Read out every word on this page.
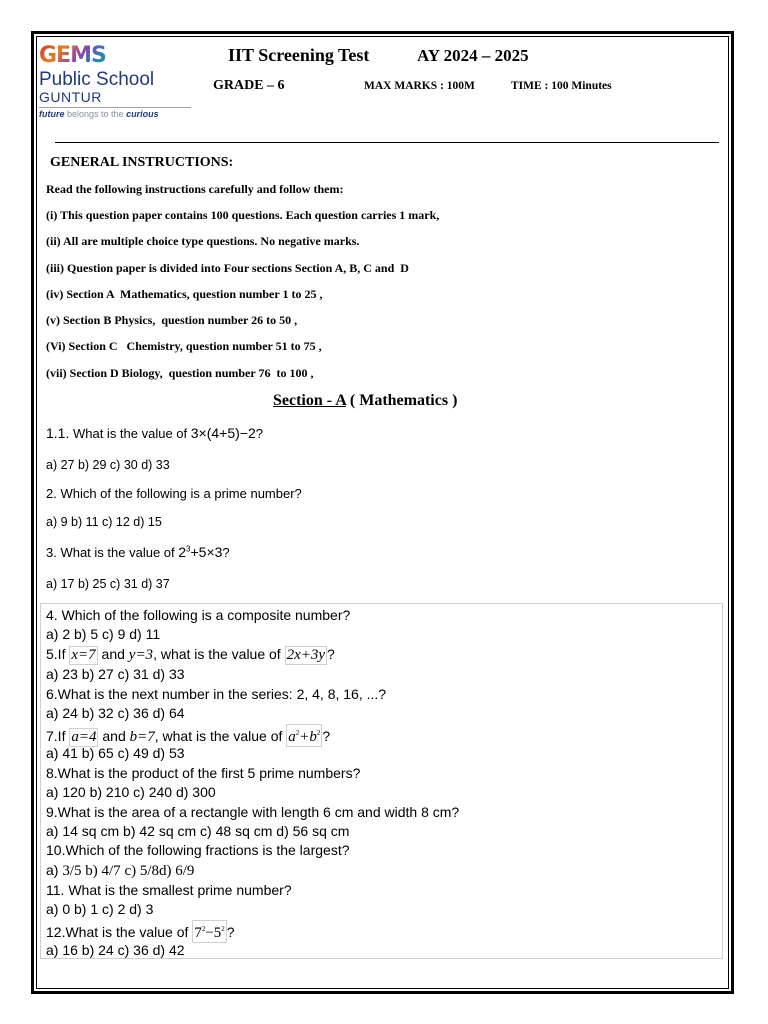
GEMS
Public School
GUNTUR
future belongs to the curious
IIT Screening Test	AY 2024 – 2025
GRADE – 6	MAX MARKS : 100M	TIME : 100 Minutes
GENERAL INSTRUCTIONS:
Read the following instructions carefully and follow them:
(i) This question paper contains 100 questions. Each question carries 1 mark,
(ii) All are multiple choice type questions. No negative marks.
(iii) Question paper is divided into Four sections Section A, B, C and  D
(iv) Section A  Mathematics, question number 1 to 25 ,
(v) Section B Physics,  question number 26 to 50 ,
(Vi) Section C   Chemistry, question number 51 to 75 ,
(vii) Section D Biology,  question number 76  to 100 ,
Section - A ( Mathematics )
1.1. What is the value of 3×(4+5)−2?
a) 27 b) 29 c) 30 d) 33
2. Which of the following is a prime number?
a) 9 b) 11 c) 12 d) 15
3. What is the value of $2^3+5\times 3$?
a) 17 b) 25 c) 31 d) 37
4. Which of the following is a composite number?
a) 2 b) 5 c) 9 d) 11
5.If x=7 and y=3, what is the value of 2x+3y ?
a) 23 b) 27 c) 31 d) 33
6.What is the next number in the series: 2, 4, 8, 16, ...?
a) 24 b) 32 c) 36 d) 64
7.If a=4 and b=7, what is the value of $a^2+b^2$ ?
a) 41 b) 65 c) 49 d) 53
8.What is the product of the first 5 prime numbers?
a) 120 b) 210 c) 240 d) 300
9.What is the area of a rectangle with length 6 cm and width 8 cm?
a) 14 sq cm b) 42 sq cm c) 48 sq cm d) 56 sq cm
10.Which of the following fractions is the largest?
a) 3/5 b) 4/7 c) 5/8d) 6/9
11. What is the smallest prime number?
a) 0 b) 1 c) 2 d) 3
12.What is the value of $7^2-5^2$ ?
a) 16 b) 24 c) 36 d) 42
